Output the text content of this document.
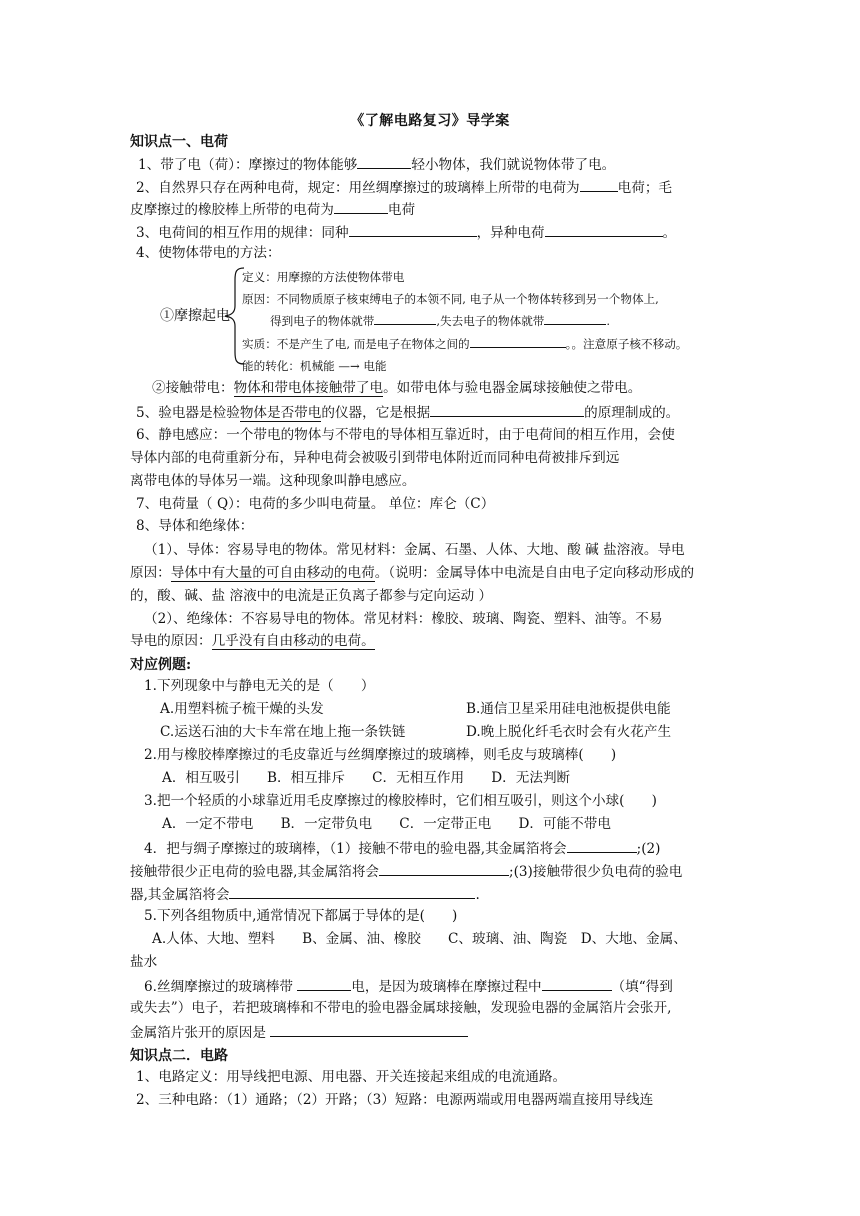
《了解电路复习》导学案
知识点一、电荷
1、带了电（荷）：摩擦过的物体能够	轻小物体，我们就说物体带了电。
2、自然界只存在两种电荷，规定：用丝绸摩擦过的玻璃棒上所带的电荷为	电荷；毛
皮摩擦过的橡胶棒上所带的电荷为	电荷
3、电荷间的相互作用的规律：同种	，异种电荷	。
4、使物体带电的方法：
①摩擦起电
定义：用摩擦的方法使物体带电
原因：不同物质原子核束缚电子的本领不同, 电子从一个物体转移到另一个物体上,
得到电子的物体就带	,失去电子的物体就带	.
实质：不是产生了电, 而是电子在物体之间的	。。注意原子核不移动。
能的转化：机械能 —→ 电能
②接触带电：物体和带电体接触带了电。如带电体与验电器金属球接触使之带电。
5、验电器是检验物体是否带电的仪器，它是根据	的原理制成的。
6、静电感应：一个带电的物体与不带电的导体相互靠近时，由于电荷间的相互作用，会使
导体内部的电荷重新分布，异种电荷会被吸引到带电体附近而同种电荷被排斥到远
离带电体的导体另一端。这种现象叫静电感应。
7、电荷量（ Q）：电荷的多少叫电荷量。 单位：库仑（C）
8、导体和绝缘体：
（1）、导体：容易导电的物体。常见材料：金属、石墨、人体、大地、酸 碱 盐溶液。导电
原因：导体中有大量的可自由移动的电荷。（说明：金属导体中电流是自由电子定向移动形成的
的，酸、碱、盐 溶液中的电流是正负离子都参与定向运动 ）
（2）、绝缘体：不容易导电的物体。常见材料：橡胶、玻璃、陶瓷、塑料、油等。不易
导电的原因：几乎没有自由移动的电荷。
对应例题:
1.下列现象中与静电无关的是（　　）
A.用塑料梳子梳干燥的头发	B.通信卫星采用硅电池板提供电能
C.运送石油的大卡车常在地上拖一条铁链	D.晚上脱化纤毛衣时会有火花产生
2.用与橡胶棒摩擦过的毛皮靠近与丝绸摩擦过的玻璃棒，则毛皮与玻璃棒(　　)
A．相互吸引　　B．相互排斥　　C．无相互作用　　D．无法判断
3.把一个轻质的小球靠近用毛皮摩擦过的橡胶棒时，它们相互吸引，则这个小球(　　)
A．一定不带电　　B．一定带负电　　C．一定带正电　　D．可能不带电
4．把与绸子摩擦过的玻璃棒，（1）接触不带电的验电器,其金属箔将会	;(2)
接触带很少正电荷的验电器,其金属箔将会	;(3)接触带很少负电荷的验电
器,其金属箔将会	.
5.下列各组物质中,通常情况下都属于导体的是(　　)
A.人体、大地、塑料　　B、金属、油、橡胶　　C、玻璃、油、陶瓷　D、大地、金属、
盐水
6.丝绸摩擦过的玻璃棒带	电，是因为玻璃棒在摩擦过程中	（填“得到
或失去”）电子，若把玻璃棒和不带电的验电器金属球接触，发现验电器的金属箔片会张开,
金属箔片张开的原因是
知识点二．电路
1、电路定义：用导线把电源、用电器、开关连接起来组成的电流通路。
2、三种电路：（1）通路；（2）开路；（3）短路：电源两端或用电器两端直接用导线连
